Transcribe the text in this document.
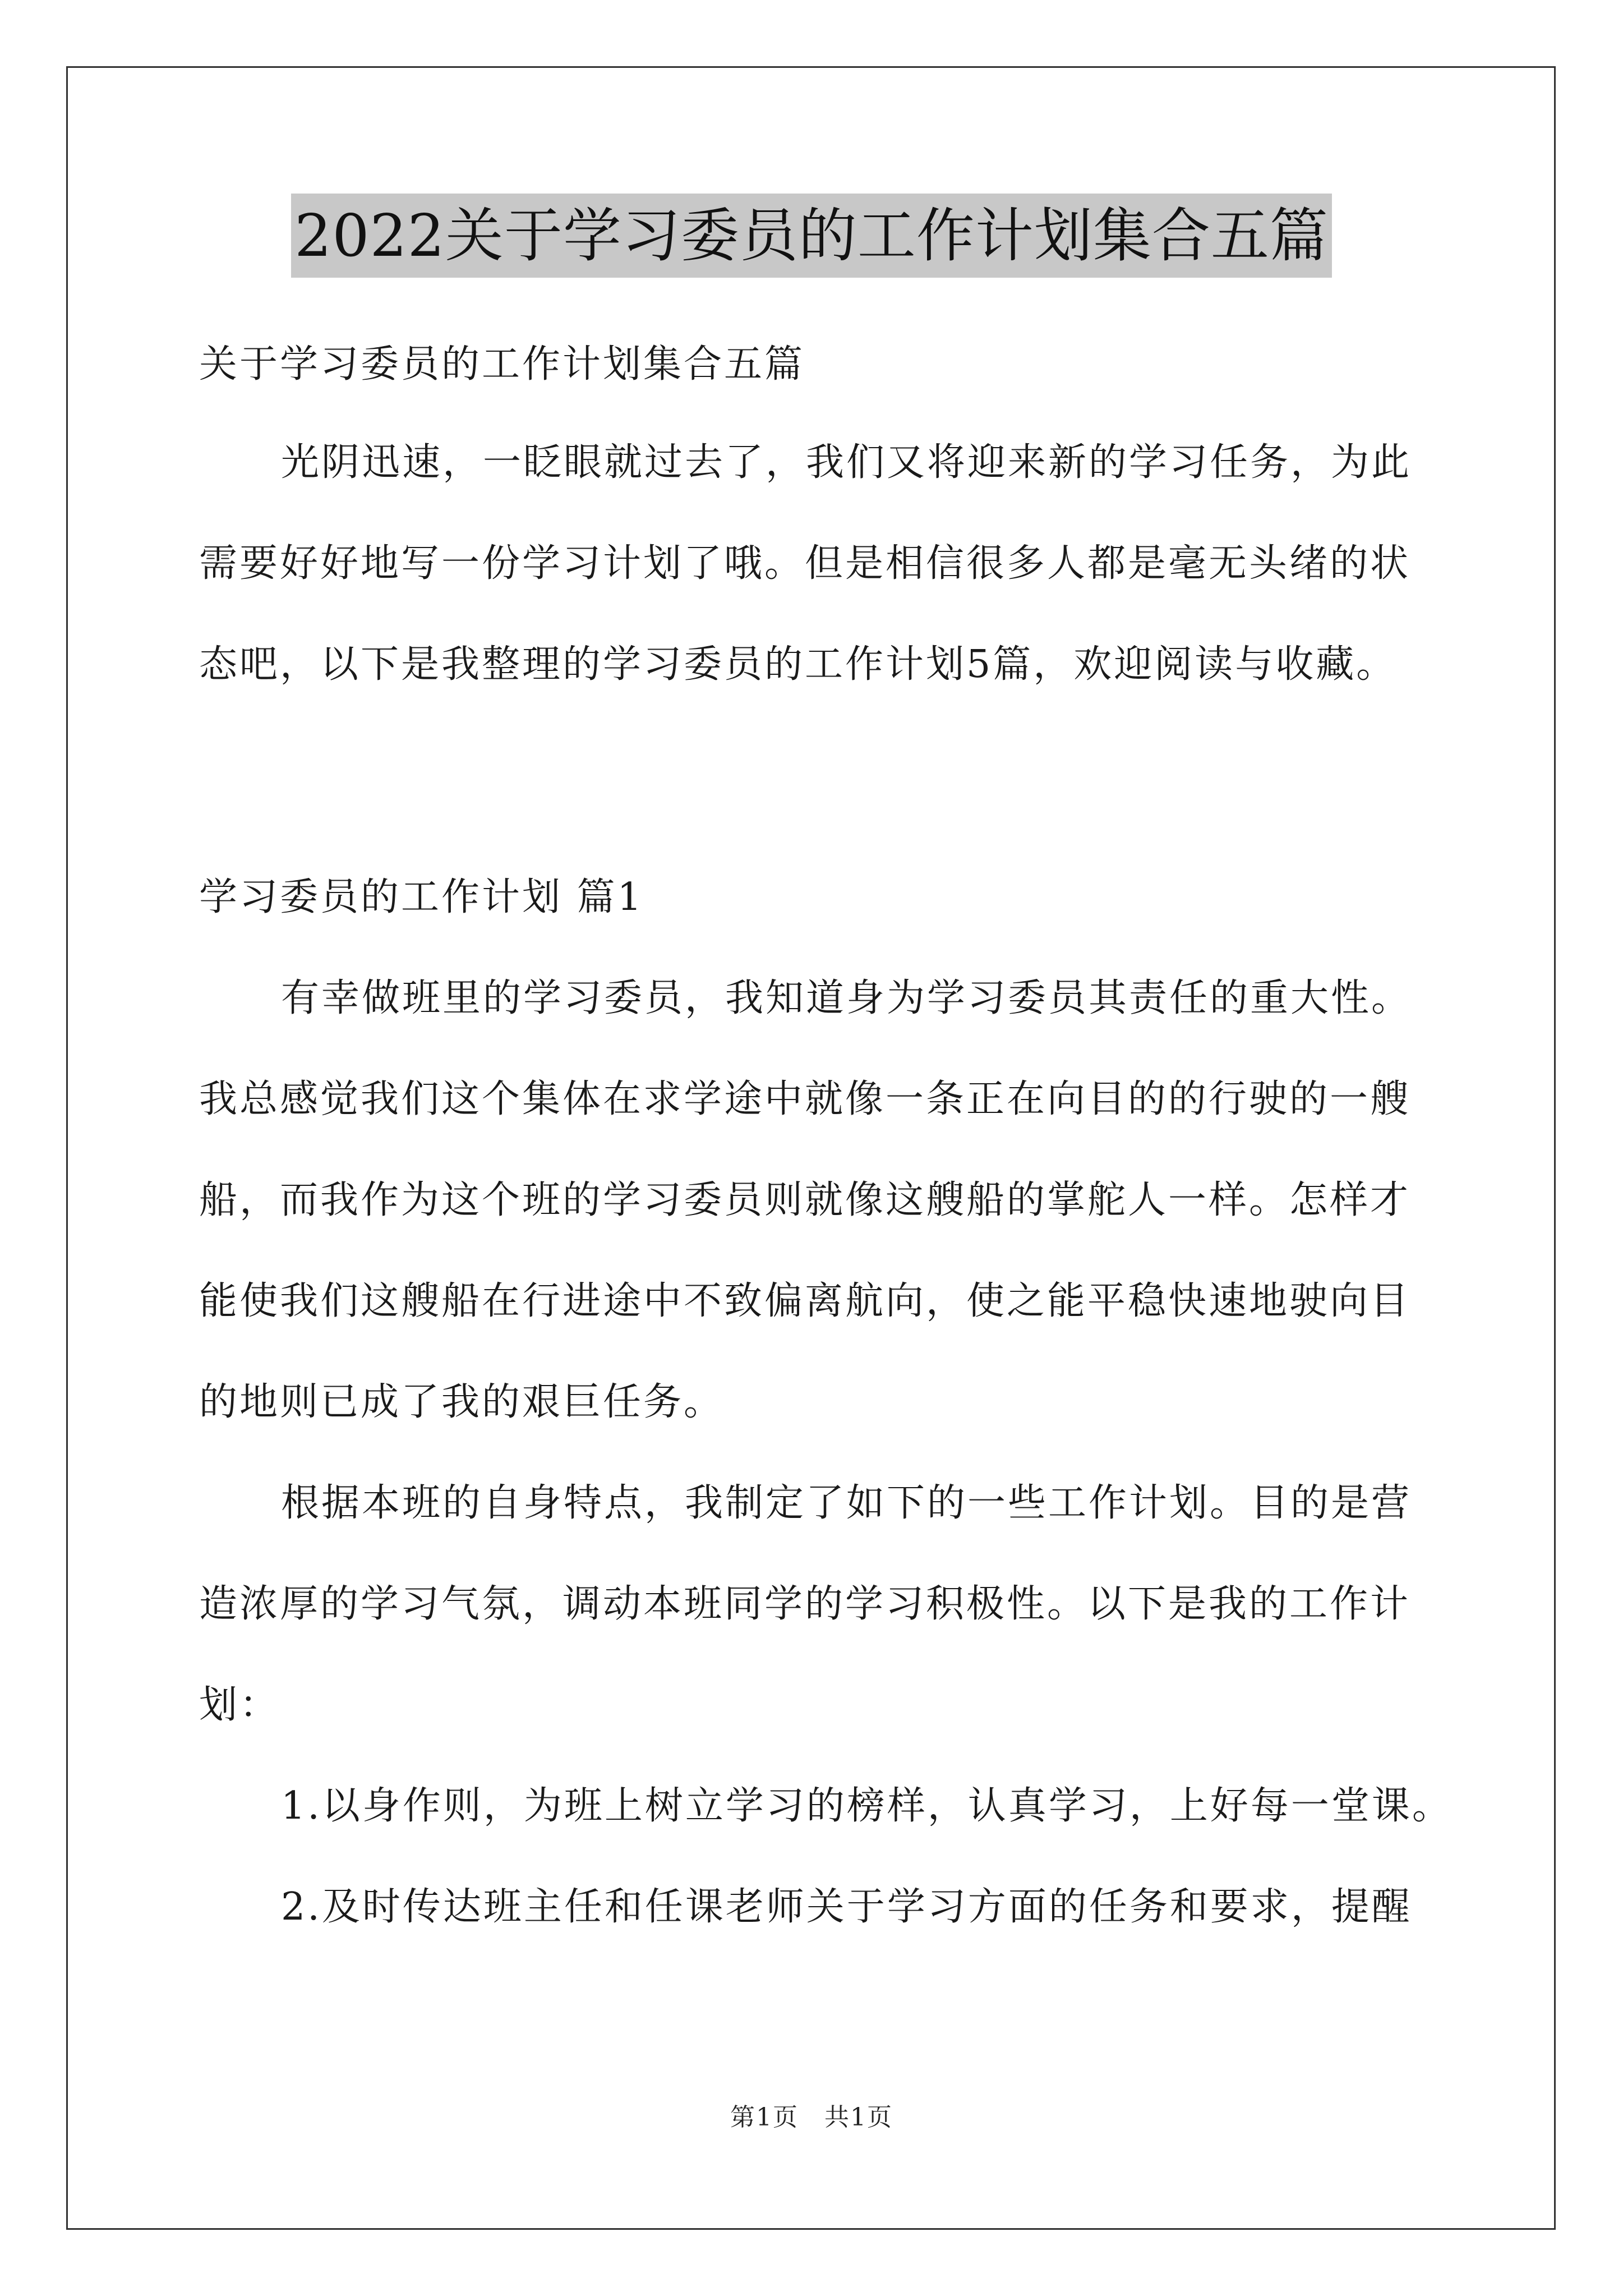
2022关于学习委员的工作计划集合五篇
关于学习委员的工作计划集合五篇
光阴迅速，一眨眼就过去了，我们又将迎来新的学习任务，为此
需要好好地写一份学习计划了哦。但是相信很多人都是毫无头绪的状
态吧，以下是我整理的学习委员的工作计划5篇，欢迎阅读与收藏。
学习委员的工作计划 篇1
有幸做班里的学习委员，我知道身为学习委员其责任的重大性。
我总感觉我们这个集体在求学途中就像一条正在向目的的行驶的一艘
船，而我作为这个班的学习委员则就像这艘船的掌舵人一样。怎样才
能使我们这艘船在行进途中不致偏离航向，使之能平稳快速地驶向目
的地则已成了我的艰巨任务。
根据本班的自身特点，我制定了如下的一些工作计划。目的是营
造浓厚的学习气氛，调动本班同学的学习积极性。以下是我的工作计
划：
1.以身作则，为班上树立学习的榜样，认真学习，上好每一堂课。
2.及时传达班主任和任课老师关于学习方面的任务和要求，提醒
第1页　共1页
